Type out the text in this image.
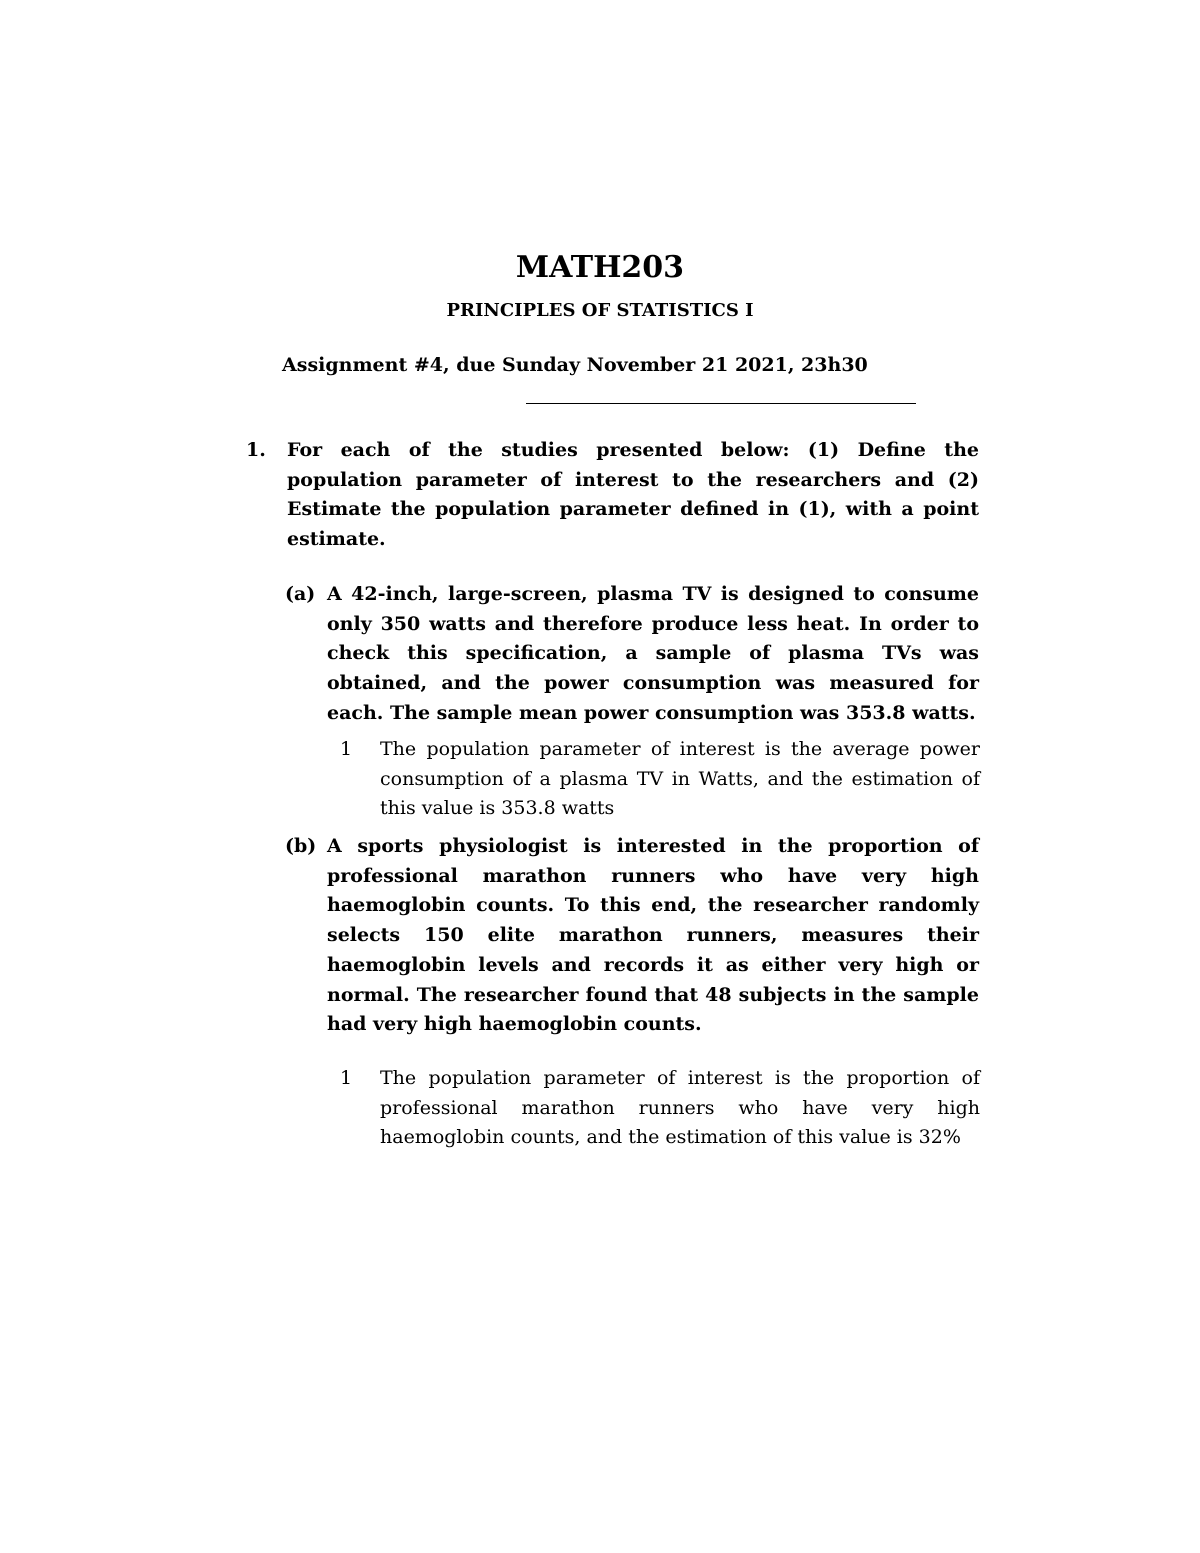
MATH203
PRINCIPLES OF STATISTICS I
Assignment #4, due Sunday November 21 2021, 23h30
1. For each of the studies presented below: (1) Define the population parameter of interest to the researchers and (2) Estimate the population parameter defined in (1), with a point estimate.
(a) A 42-inch, large-screen, plasma TV is designed to consume only 350 watts and therefore produce less heat. In order to check this specification, a sample of plasma TVs was obtained, and the power consumption was measured for each. The sample mean power consumption was 353.8 watts.
1 The population parameter of interest is the average power consumption of a plasma TV in Watts, and the estimation of this value is 353.8 watts
(b) A sports physiologist is interested in the proportion of professional marathon runners who have very high haemoglobin counts. To this end, the researcher randomly selects 150 elite marathon runners, measures their haemoglobin levels and records it as either very high or normal. The researcher found that 48 subjects in the sample had very high haemoglobin counts.
1 The population parameter of interest is the proportion of professional marathon runners who have very high haemoglobin counts, and the estimation of this value is 32%
